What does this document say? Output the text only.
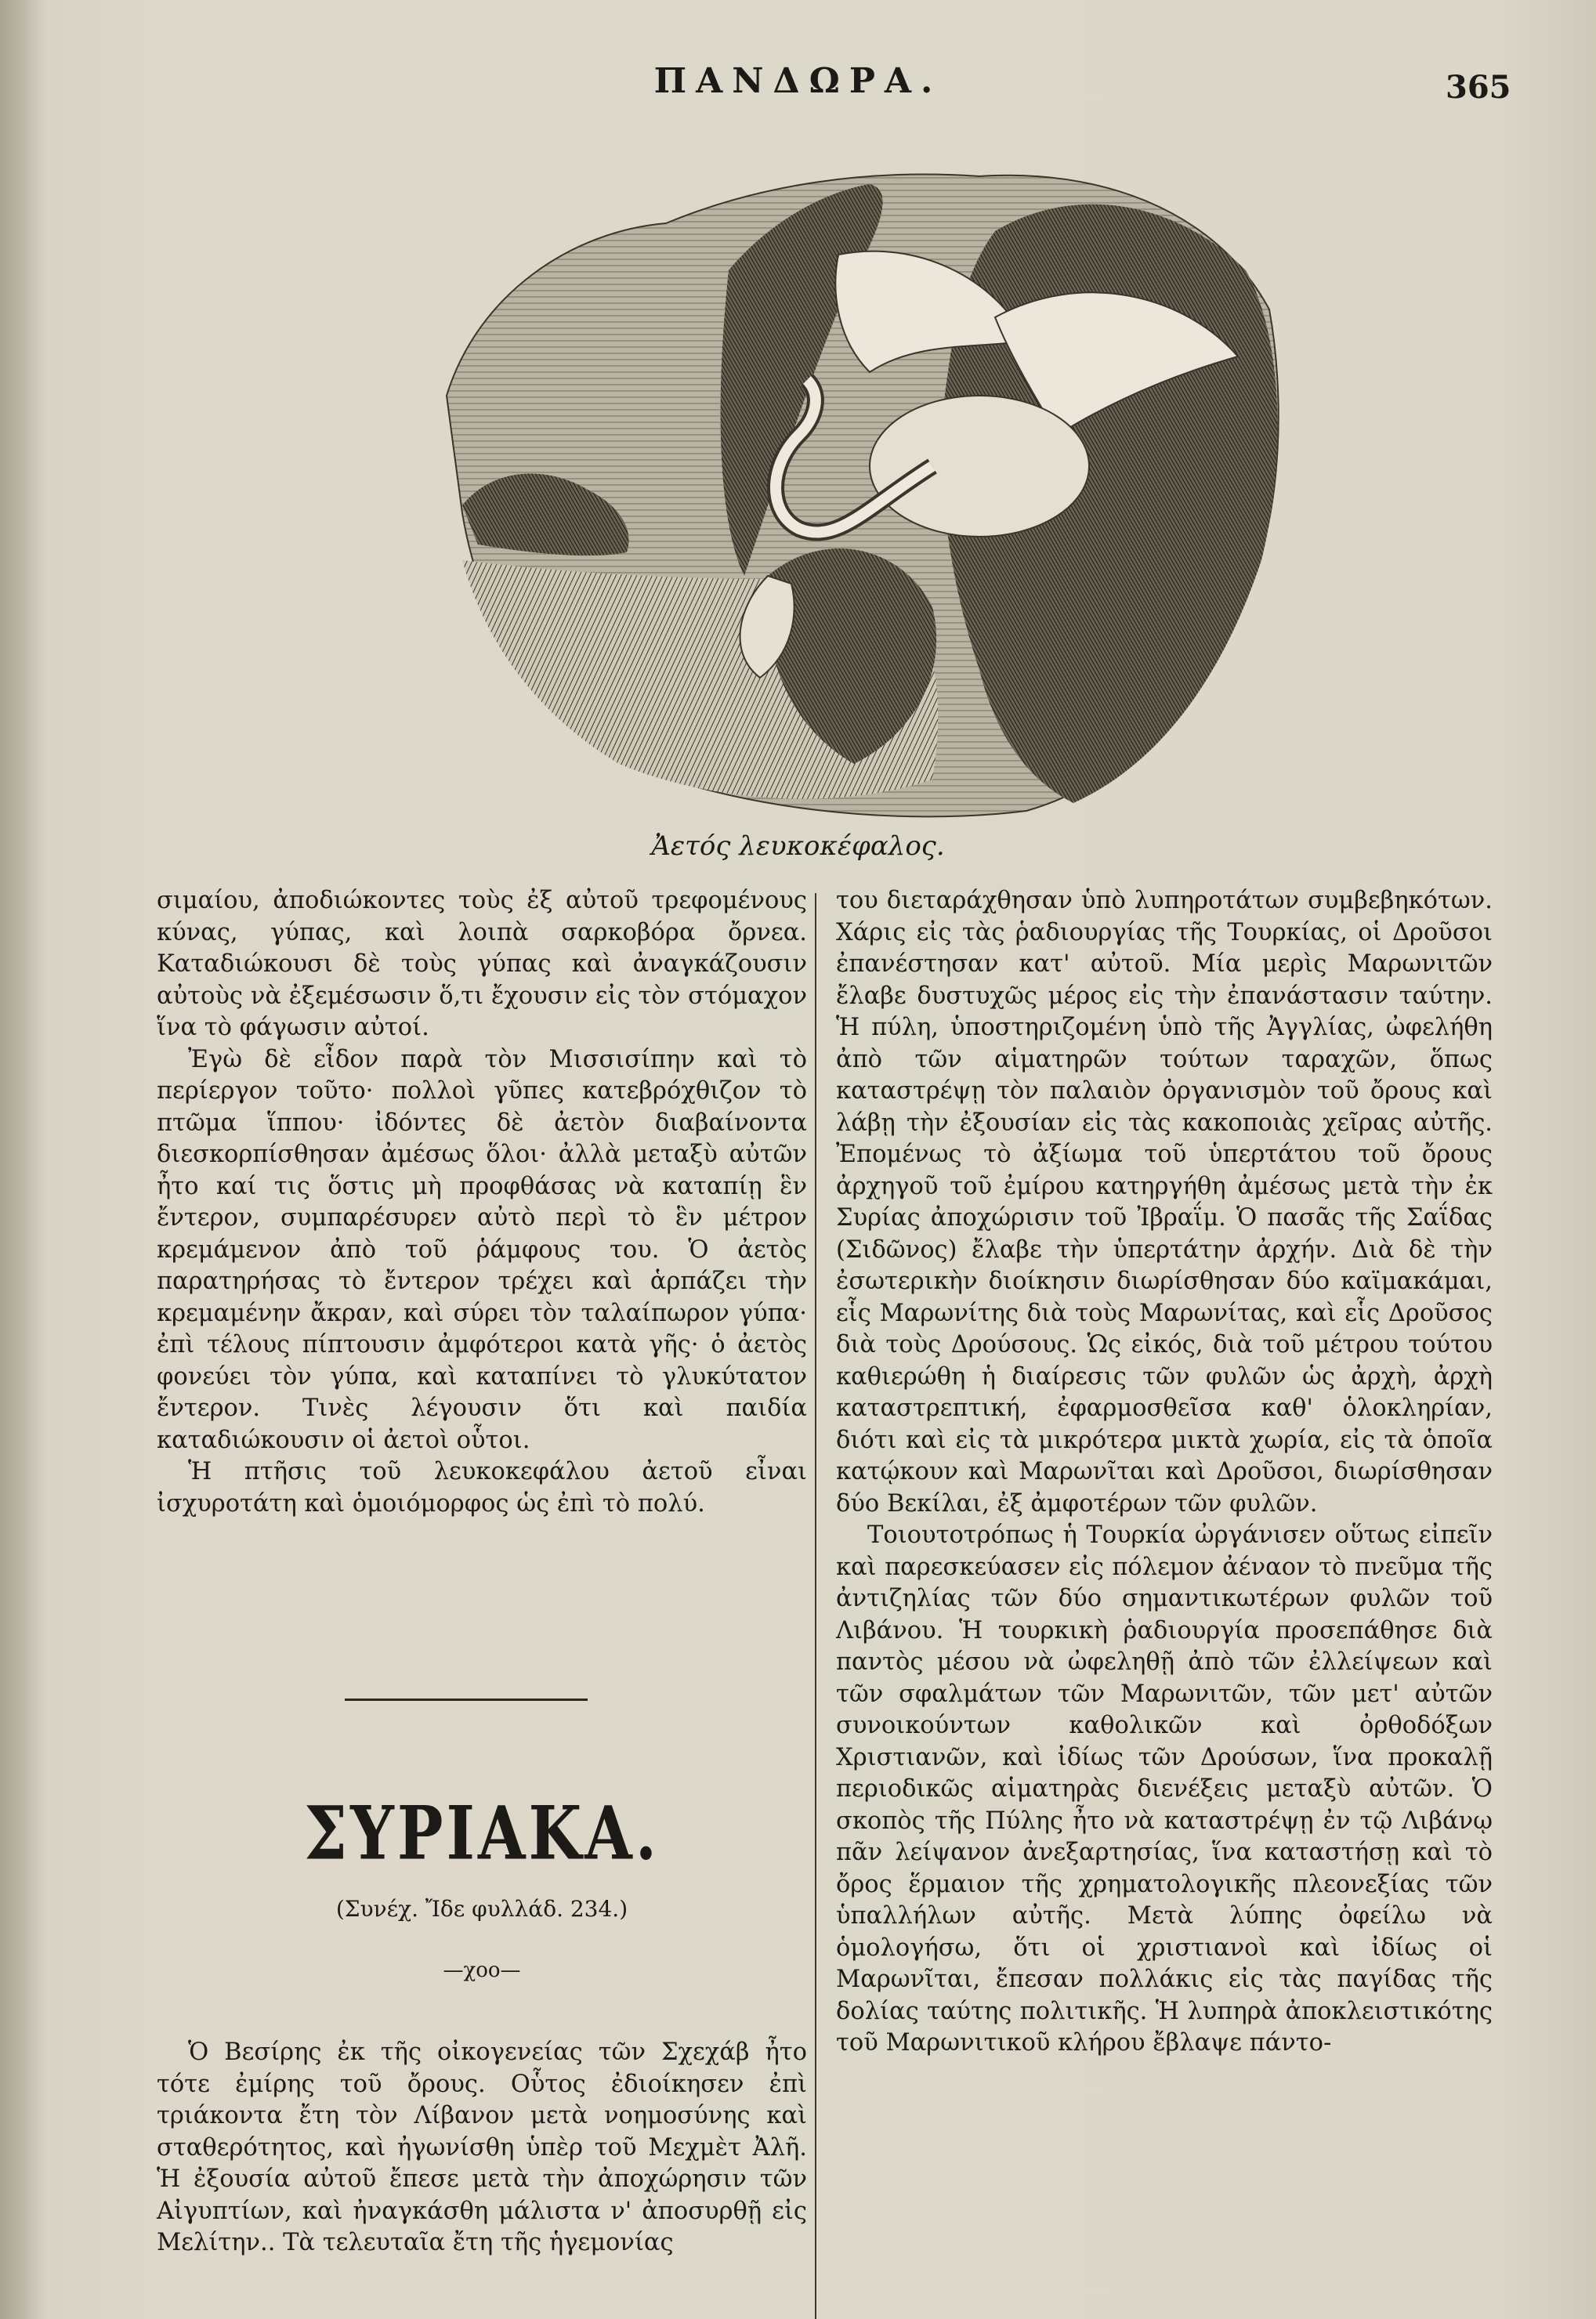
ΠΑΝΔΩΡΑ.	365
Ἀετός λευκοκέφαλος.

σιμαίου, ἀποδιώκοντες τοὺς ἐξ αὐτοῦ τρεφομένους κύνας, γύπας, καὶ λοιπὰ σαρκοβόρα ὄρνεα. Καταδιώκουσι δὲ τοὺς γύπας καὶ ἀναγκάζουσιν αὐτοὺς νὰ ἐξεμέσωσιν ὅ,τι ἔχουσιν εἰς τὸν στόμαχον ἵνα τὸ φάγωσιν αὐτοί.

Ἐγὼ δὲ εἶδον παρὰ τὸν Μισσισίπην καὶ τὸ περίεργον τοῦτο· πολλοὶ γῦπες κατεβρόχθιζον τὸ πτῶμα ἵππου· ἰδόντες δὲ ἀετὸν διαβαίνοντα διεσκορπίσθησαν ἀμέσως ὅλοι· ἀλλὰ μεταξὺ αὐτῶν ἦτο καί τις ὅστις μὴ προφθάσας νὰ καταπίῃ ἓν ἔντερον, συμπαρέσυρεν αὐτὸ περὶ τὸ ἓν μέτρον κρεμάμενον ἀπὸ τοῦ ῥάμφους του. Ὁ ἀετὸς παρατηρήσας τὸ ἔντερον τρέχει καὶ ἁρπάζει τὴν κρεμαμένην ἄκραν, καὶ σύρει τὸν ταλαίπωρον γύπα· ἐπὶ τέλους πίπτουσιν ἀμφότεροι κατὰ γῆς· ὁ ἀετὸς φονεύει τὸν γύπα, καὶ καταπίνει τὸ γλυκύτατον ἔντερον. Τινὲς λέγουσιν ὅτι καὶ παιδία καταδιώκουσιν οἱ ἀετοὶ οὗτοι.

Ἡ πτῆσις τοῦ λευκοκεφάλου ἀετοῦ εἶναι ἰσχυροτάτη καὶ ὁμοιόμορφος ὡς ἐπὶ τὸ πολύ.

ΣΥΡΙΑΚΑ.
(Συνέχ. Ἴδε φυλλάδ. 234.)
—χοο—

Ὁ Βεσίρης ἐκ τῆς οἰκογενείας τῶν Σχεχάβ ἦτο τότε ἐμίρης τοῦ ὄρους. Οὗτος ἐδιοίκησεν ἐπὶ τριάκοντα ἔτη τὸν Λίβανον μετὰ νοημοσύνης καὶ σταθερότητος, καὶ ἠγωνίσθη ὑπὲρ τοῦ Μεχμὲτ Ἀλῆ. Ἡ ἐξουσία αὐτοῦ ἔπεσε μετὰ τὴν ἀποχώρησιν τῶν Αἰγυπτίων, καὶ ἠναγκάσθη μάλιστα ν' ἀποσυρθῇ εἰς Μελίτην.. Τὰ τελευταῖα ἔτη τῆς ἡγεμονίας

του διεταράχθησαν ὑπὸ λυπηροτάτων συμβεβηκότων. Χάρις εἰς τὰς ῥαδιουργίας τῆς Τουρκίας, οἱ Δροῦσοι ἐπανέστησαν κατ' αὐτοῦ. Μία μερὶς Μαρωνιτῶν ἔλαβε δυστυχῶς μέρος εἰς τὴν ἐπανάστασιν ταύτην. Ἡ πύλη, ὑποστηριζομένη ὑπὸ τῆς Ἀγγλίας, ὠφελήθη ἀπὸ τῶν αἱματηρῶν τούτων ταραχῶν, ὅπως καταστρέψῃ τὸν παλαιὸν ὀργανισμὸν τοῦ ὄρους καὶ λάβῃ τὴν ἐξουσίαν εἰς τὰς κακοποιὰς χεῖρας αὐτῆς. Ἐπομένως τὸ ἀξίωμα τοῦ ὑπερτάτου τοῦ ὄρους ἀρχηγοῦ τοῦ ἐμίρου κατηργήθη ἀμέσως μετὰ τὴν ἐκ Συρίας ἀποχώρισιν τοῦ Ἰβραΐμ. Ὁ πασᾶς τῆς Σαΐδας (Σιδῶνος) ἔλαβε τὴν ὑπερτάτην ἀρχήν. Διὰ δὲ τὴν ἐσωτερικὴν διοίκησιν διωρίσθησαν δύο καϊμακάμαι, εἷς Μαρωνίτης διὰ τοὺς Μαρωνίτας, καὶ εἷς Δροῦσος διὰ τοὺς Δρούσους. Ὡς εἰκός, διὰ τοῦ μέτρου τούτου καθιερώθη ἡ διαίρεσις τῶν φυλῶν ὡς ἀρχὴ, ἀρχὴ καταστρεπτική, ἐφαρμοσθεῖσα καθ' ὁλοκληρίαν, διότι καὶ εἰς τὰ μικρότερα μικτὰ χωρία, εἰς τὰ ὁποῖα κατῴκουν καὶ Μαρωνῖται καὶ Δροῦσοι, διωρίσθησαν δύο Βεκίλαι, ἐξ ἀμφοτέρων τῶν φυλῶν.

Τοιουτοτρόπως ἡ Τουρκία ὠργάνισεν οὕτως εἰπεῖν καὶ παρεσκεύασεν εἰς πόλεμον ἀέναον τὸ πνεῦμα τῆς ἀντιζηλίας τῶν δύο σημαντικωτέρων φυλῶν τοῦ Λιβάνου. Ἡ τουρκικὴ ῥαδιουργία προσεπάθησε διὰ παντὸς μέσου νὰ ὠφεληθῇ ἀπὸ τῶν ἐλλείψεων καὶ τῶν σφαλμάτων τῶν Μαρωνιτῶν, τῶν μετ' αὐτῶν συνοικούντων καθολικῶν καὶ ὀρθοδόξων Χριστιανῶν, καὶ ἰδίως τῶν Δρούσων, ἵνα προκαλῇ περιοδικῶς αἱματηρὰς διενέξεις μεταξὺ αὐτῶν. Ὁ σκοπὸς τῆς Πύλης ἦτο νὰ καταστρέψῃ ἐν τῷ Λιβάνῳ πᾶν λείψανον ἀνεξαρτησίας, ἵνα καταστήσῃ καὶ τὸ ὄρος ἕρμαιον τῆς χρηματολογικῆς πλεονεξίας τῶν ὑπαλλήλων αὐτῆς. Μετὰ λύπης ὀφείλω νὰ ὁμολογήσω, ὅτι οἱ χριστιανοὶ καὶ ἰδίως οἱ Μαρωνῖται, ἔπεσαν πολλάκις εἰς τὰς παγίδας τῆς δολίας ταύτης πολιτικῆς. Ἡ λυπηρὰ ἀποκλειστικότης τοῦ Μαρωνιτικοῦ κλήρου ἔβλαψε πάντο-
